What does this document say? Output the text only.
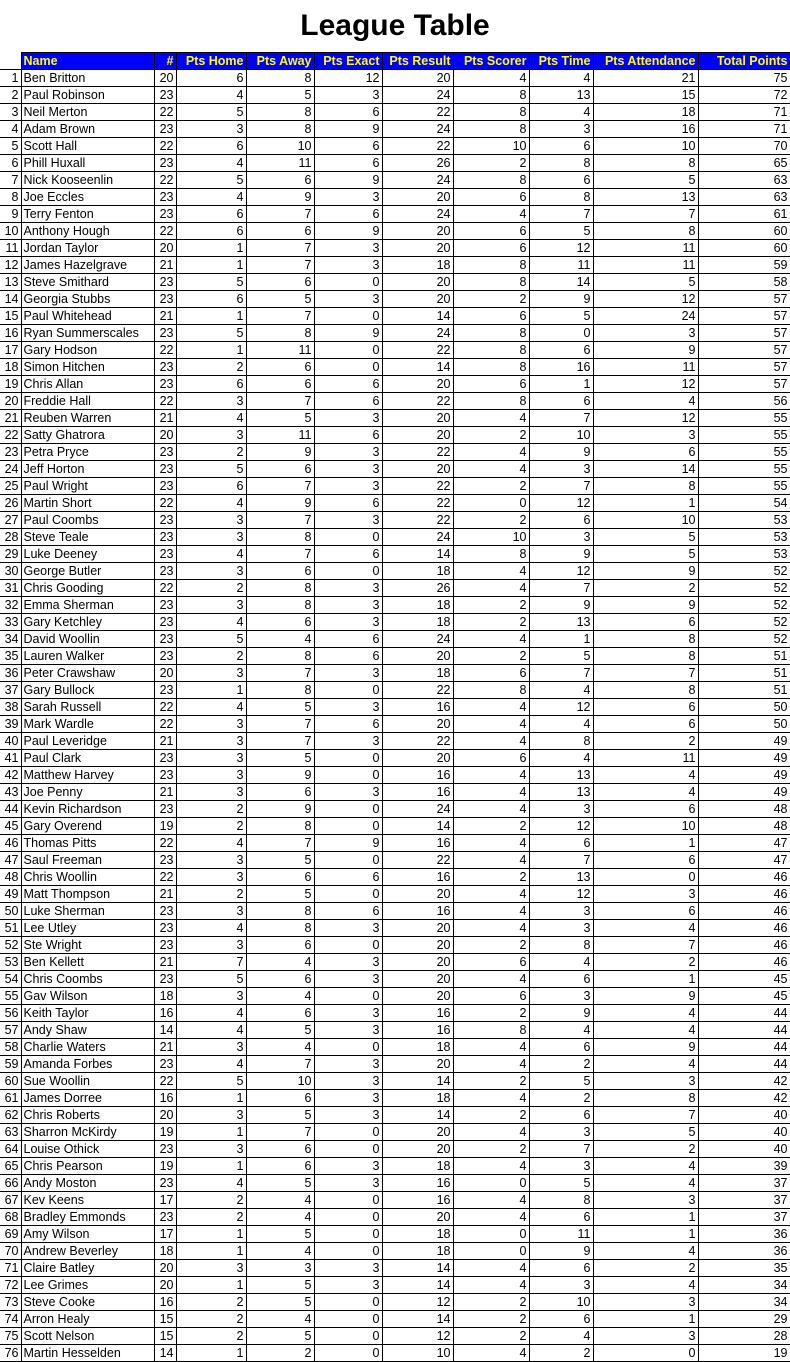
League Table
	Name	#	Pts Home	Pts Away	Pts Exact	Pts Result	Pts Scorer	Pts Time	Pts Attendance	Total Points
1	Ben Britton	20	6	8	12	20	4	4	21	75
2	Paul Robinson	23	4	5	3	24	8	13	15	72
3	Neil Merton	22	5	8	6	22	8	4	18	71
4	Adam Brown	23	3	8	9	24	8	3	16	71
5	Scott Hall	22	6	10	6	22	10	6	10	70
6	Phill Huxall	23	4	11	6	26	2	8	8	65
7	Nick Kooseenlin	22	5	6	9	24	8	6	5	63
8	Joe Eccles	23	4	9	3	20	6	8	13	63
9	Terry Fenton	23	6	7	6	24	4	7	7	61
10	Anthony Hough	22	6	6	9	20	6	5	8	60
11	Jordan Taylor	20	1	7	3	20	6	12	11	60
12	James Hazelgrave	21	1	7	3	18	8	11	11	59
13	Steve Smithard	23	5	6	0	20	8	14	5	58
14	Georgia Stubbs	23	6	5	3	20	2	9	12	57
15	Paul Whitehead	21	1	7	0	14	6	5	24	57
16	Ryan Summerscales	23	5	8	9	24	8	0	3	57
17	Gary Hodson	22	1	11	0	22	8	6	9	57
18	Simon Hitchen	23	2	6	0	14	8	16	11	57
19	Chris Allan	23	6	6	6	20	6	1	12	57
20	Freddie Hall	22	3	7	6	22	8	6	4	56
21	Reuben Warren	21	4	5	3	20	4	7	12	55
22	Satty Ghatrora	20	3	11	6	20	2	10	3	55
23	Petra Pryce	23	2	9	3	22	4	9	6	55
24	Jeff Horton	23	5	6	3	20	4	3	14	55
25	Paul Wright	23	6	7	3	22	2	7	8	55
26	Martin Short	22	4	9	6	22	0	12	1	54
27	Paul Coombs	23	3	7	3	22	2	6	10	53
28	Steve Teale	23	3	8	0	24	10	3	5	53
29	Luke Deeney	23	4	7	6	14	8	9	5	53
30	George Butler	23	3	6	0	18	4	12	9	52
31	Chris Gooding	22	2	8	3	26	4	7	2	52
32	Emma Sherman	23	3	8	3	18	2	9	9	52
33	Gary Ketchley	23	4	6	3	18	2	13	6	52
34	David Woollin	23	5	4	6	24	4	1	8	52
35	Lauren Walker	23	2	8	6	20	2	5	8	51
36	Peter Crawshaw	20	3	7	3	18	6	7	7	51
37	Gary Bullock	23	1	8	0	22	8	4	8	51
38	Sarah Russell	22	4	5	3	16	4	12	6	50
39	Mark Wardle	22	3	7	6	20	4	4	6	50
40	Paul Leveridge	21	3	7	3	22	4	8	2	49
41	Paul Clark	23	3	5	0	20	6	4	11	49
42	Matthew Harvey	23	3	9	0	16	4	13	4	49
43	Joe Penny	21	3	6	3	16	4	13	4	49
44	Kevin Richardson	23	2	9	0	24	4	3	6	48
45	Gary Overend	19	2	8	0	14	2	12	10	48
46	Thomas Pitts	22	4	7	9	16	4	6	1	47
47	Saul Freeman	23	3	5	0	22	4	7	6	47
48	Chris Woollin	22	3	6	6	16	2	13	0	46
49	Matt Thompson	21	2	5	0	20	4	12	3	46
50	Luke Sherman	23	3	8	6	16	4	3	6	46
51	Lee Utley	23	4	8	3	20	4	3	4	46
52	Ste Wright	23	3	6	0	20	2	8	7	46
53	Ben Kellett	21	7	4	3	20	6	4	2	46
54	Chris Coombs	23	5	6	3	20	4	6	1	45
55	Gav Wilson	18	3	4	0	20	6	3	9	45
56	Keith Taylor	16	4	6	3	16	2	9	4	44
57	Andy Shaw	14	4	5	3	16	8	4	4	44
58	Charlie Waters	21	3	4	0	18	4	6	9	44
59	Amanda Forbes	23	4	7	3	20	4	2	4	44
60	Sue Woollin	22	5	10	3	14	2	5	3	42
61	James Dorree	16	1	6	3	18	4	2	8	42
62	Chris Roberts	20	3	5	3	14	2	6	7	40
63	Sharron McKirdy	19	1	7	0	20	4	3	5	40
64	Louise Othick	23	3	6	0	20	2	7	2	40
65	Chris Pearson	19	1	6	3	18	4	3	4	39
66	Andy Moston	23	4	5	3	16	0	5	4	37
67	Kev Keens	17	2	4	0	16	4	8	3	37
68	Bradley Emmonds	23	2	4	0	20	4	6	1	37
69	Amy Wilson	17	1	5	0	18	0	11	1	36
70	Andrew Beverley	18	1	4	0	18	0	9	4	36
71	Claire Batley	20	3	3	3	14	4	6	2	35
72	Lee Grimes	20	1	5	3	14	4	3	4	34
73	Steve Cooke	16	2	5	0	12	2	10	3	34
74	Arron Healy	15	2	4	0	14	2	6	1	29
75	Scott Nelson	15	2	5	0	12	2	4	3	28
76	Martin Hesselden	14	1	2	0	10	4	2	0	19
